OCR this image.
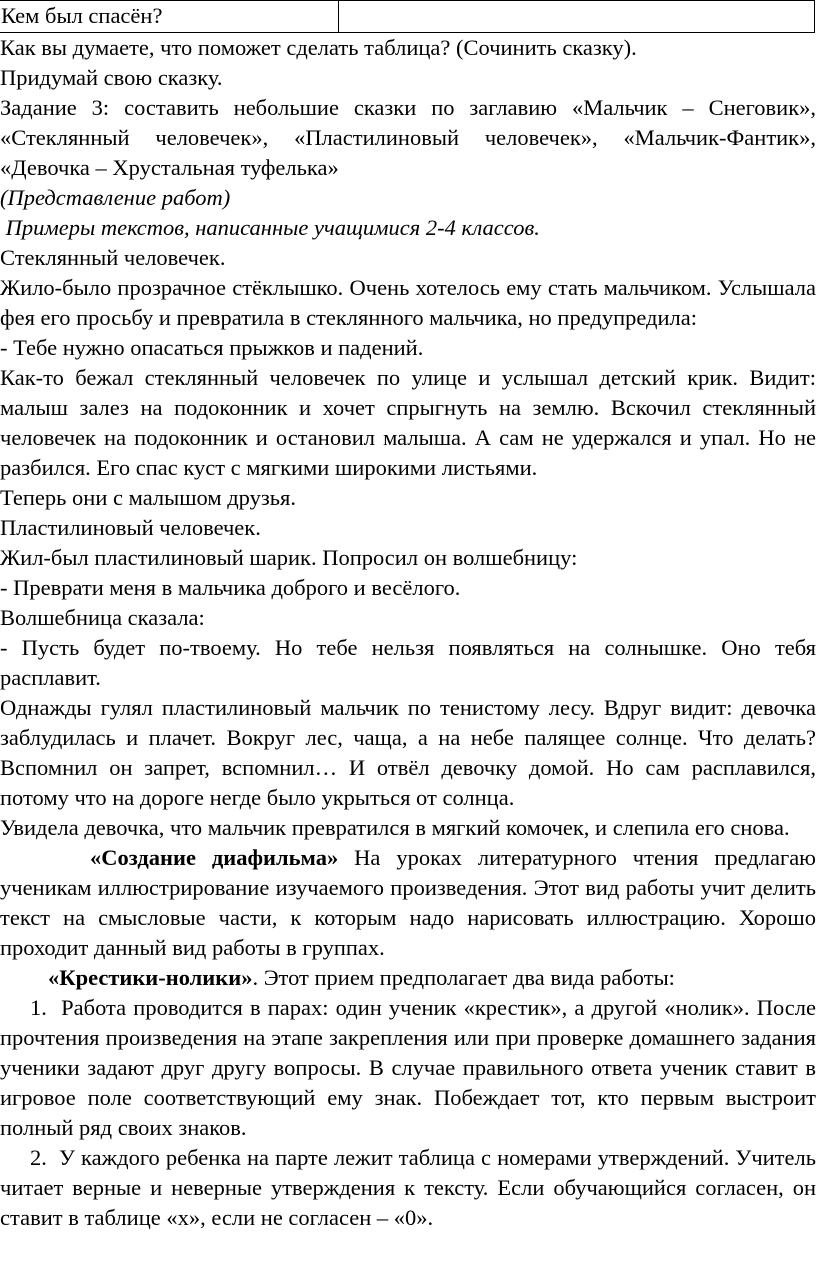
Кем был спасён?

Как вы думаете, что поможет сделать таблица? (Сочинить сказку).

Придумай свою сказку.

Задание 3: составить небольшие сказки по заглавию «Мальчик – Снеговик», «Стеклянный человечек», «Пластилиновый человечек», «Мальчик-Фантик», «Девочка – Хрустальная туфелька»

(Представление работ)

Примеры текстов, написанные учащимися 2-4 классов.

Стеклянный человечек.

Жило-было прозрачное стёклышко. Очень хотелось ему стать мальчиком. Услышала фея его просьбу и превратила в стеклянного мальчика, но предупредила:

- Тебе нужно опасаться прыжков и падений.

Как-то бежал стеклянный человечек по улице и услышал детский крик. Видит: малыш залез на подоконник и хочет спрыгнуть на землю. Вскочил стеклянный человечек на подоконник и остановил малыша. А сам не удержался и упал. Но не разбился. Его спас куст с мягкими широкими листьями.

Теперь они с малышом друзья.

Пластилиновый человечек.

Жил-был пластилиновый шарик. Попросил он волшебницу:

- Преврати меня в мальчика доброго и весёлого.

Волшебница сказала:

- Пусть будет по-твоему. Но тебе нельзя появляться на солнышке. Оно тебя расплавит.

Однажды гулял пластилиновый мальчик по тенистому лесу. Вдруг видит: девочка заблудилась и плачет. Вокруг лес, чаща, а на небе палящее солнце. Что делать? Вспомнил он запрет, вспомнил… И отвёл девочку домой. Но сам расплавился, потому что на дороге негде было укрыться от солнца.

Увидела девочка, что мальчик превратился в мягкий комочек, и слепила его снова.

«Создание диафильма» На уроках литературного чтения предлагаю ученикам иллюстрирование изучаемого произведения. Этот вид работы учит делить текст на смысловые части, к которым надо нарисовать иллюстрацию. Хорошо проходит данный вид работы в группах.

«Крестики-нолики». Этот прием предполагает два вида работы:

1. Работа проводится в парах: один ученик «крестик», а другой «нолик». После прочтения произведения на этапе закрепления или при проверке домашнего задания ученики задают друг другу вопросы. В случае правильного ответа ученик ставит в игровое поле соответствующий ему знак. Побеждает тот, кто первым выстроит полный ряд своих знаков.

2. У каждого ребенка на парте лежит таблица с номерами утверждений. Учитель читает верные и неверные утверждения к тексту. Если обучающийся согласен, он ставит в таблице «х», если не согласен – «0».
